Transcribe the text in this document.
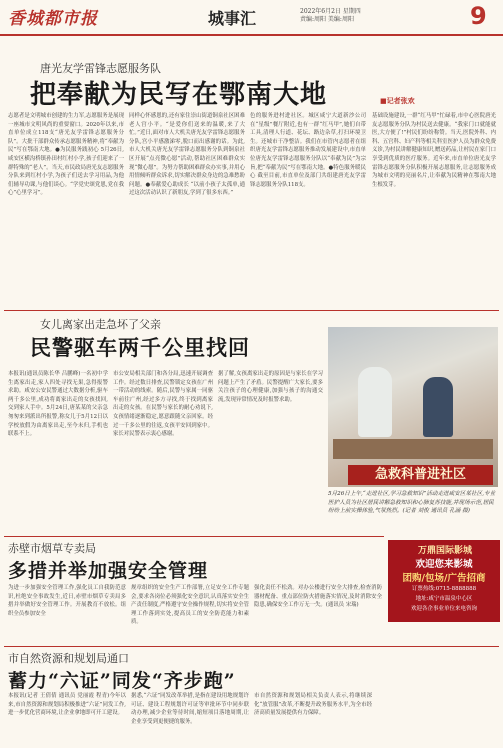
香城都市报	城事汇	2022年6月2日 星期四
责编:周阳 美编:周阳	9
唐光友学雷锋志愿服务队
把奉献为民写在鄂南大地	■记者张欢
志愿者是文明城市创建的生力军,志愿服务是展现一座城市文明风尚的重要窗口。2020年以来,市直单位成立118支“唐光友学雷锋志愿服务分队”。大批干部群众传承志愿服务精神,将“奉献为民”写在鄂南大地。●为民服务践初心 5月26日,咸安区横沟桥镇孙田村红村小学,孩子们迎来了一群特殊的“老人”。当天,市民政局唐光友志愿服务分队来到红村小学,为孩子们送去学习用品,为他们辅导功课,与他们谈心。“学党史颂党恩,党在我心”心里学习”。
同样心怀感恩的,还有家住崇山街道铜泉社区困难老人宫小平。“是爱你们送来的温暖,来了大忙。”近日,面对市人大机关唐光友学雷锋志愿服务分队,宫小平感激涕零,脱口而出感谢的话。为此,市人大机关唐光友学雷锋志愿服务分队到铜泉社区开展“点亮微心愿”活动,帮助社区困难群众实现“微心愿”。为努力帮助困难群众办实事,并用心用情倾听群众诉求,切实解决群众身边的急难愁盼问题。●奉献爱心助成长 “以前小孩子太孤单,通过这次活动认识了新朋友,学到了很多东西。”
色的服务进村进社区。城区咸宁大道新沙公司在“星级”餐厅附近,也有一群“红马甲”,她们自带工具,清理人行道、花坛、路边杂草,打扫环境卫生。还城市干净整洁。我们在市管内志愿者在组织唐光友学雷锋志愿服务推动发展建设中,市直单位唐光友学雷锋志愿服务分队以“奉献为民”为宗旨,把“奉献为民”写在鄂南大地。●特色服务暖民心 截至目前,市直单位及部门共组建唐光友学雷锋志愿服务分队118支。
基础设施建设,一群“红马甲”忙碌着,市中心医院唐光友志愿服务分队为村民送去健康。“我家门口就能就医,大方便了!”村民们纷纷称赞。当天,医院外科、内科、五官科、妇产科等相关科室医护人员为群众免费义诊,为村民讲解健康知识,赠送药品,让村民在家门口享受到优质的医疗服务。近年来,市直单位唐光友学雷锋志愿服务分队积极开展志愿服务,让志愿服务成为城市文明的亮丽名片,让奉献为民精神在鄂南大地生根发芽。
女儿离家出走急坏了父亲
民警驱车两千公里找回
本报讯(通讯员陈长华 吕鹏峰)一名初中学生离家出走,家人四处寻找无果,急得报警求助。咸安公安民警通过大数据分析,驱车两千多公里,成功将离家出走的女孩找回,交到家人手中。5月24日,唐某某的父亲急匆匆来到派出所报警,称女儿于5月12日以学校放假为由离家出走,至今未归,手机也联系不上。
市公安局相关部门和各分局,迅速开展调查工作。经过数日排查,民警锁定女孩在广州一带活动的线索。随后,民警与家属一同驱车前往广州,经过多方寻找,终于找到离家出走的女孩。在民警与家长的耐心劝说下,女孩情绪逐渐稳定,愿意跟随父亲回家。经过一千多公里的往返,女孩平安回到家中。家长对民警表示衷心感谢。
据了解,女孩离家出走的原因是与家长在学习问题上产生了矛盾。民警提醒广大家长,要多关注孩子的心理健康,加强与孩子的沟通交流,发现异常情况及时报警求助。
急救科普进社区
5月26日上午,“走进社区,学习急救知识”活动走进咸安区某社区,专业医护人员为社区居民讲解急救知识和心肺复苏技能,并现场示范,居民纷纷上前实操体验,气氛热烈。(记者 刘俊 通讯员 孔涵 摄)
赤壁市烟草专卖局
多措并举加强安全管理
为进一步加强安全管理工作,强化员工自我防范意识,杜绝安全事故发生,近日,赤壁市烟草专卖局多措并举做好安全管理工作。开展教育不放松。组织全员参加安全
规章组织的安全生产工作部署,立足安全工作专题会,要求各岗位必须强化安全意识,认真落实安全生产责任制度,严格遵守安全操作规程,切实将安全管理工作落到实处,提高员工的安全防范能力和素质。
强化责任不松劲。对办公楼进行安全大排查,检查消防器材配备、重点部位防火措施落实情况,及时消除安全隐患,确保安全工作万无一失。(通讯员 宋瑞)
万鼎国际影城
欢迎您来影城
团购/包场/广告招商
订票热线:0715-8888888
地址:咸宁市温泉中心区
欢迎各企事业单位来电咨询
市自然资源和规划局通口
蓄力“六证”同发“齐步跑”
本报讯(记者 王倩倩 通讯员 党丽霞 程青)今年以来,市自然资源和规划局积极推进“六证”同发工作,进一步优化营商环境,让企业拿地即可开工建设。
据悉,“六证”同发改革举措,是指在建设用地规划许可证、建设工程规划许可证等审批环节中同步联动办理,减少企业等待时间,缩短项目落地周期,让企业享受到更便捷的服务。
市自然资源和规划局相关负责人表示,将继续深化“放管服”改革,不断提升政务服务水平,为全市经济高质量发展提供有力保障。
